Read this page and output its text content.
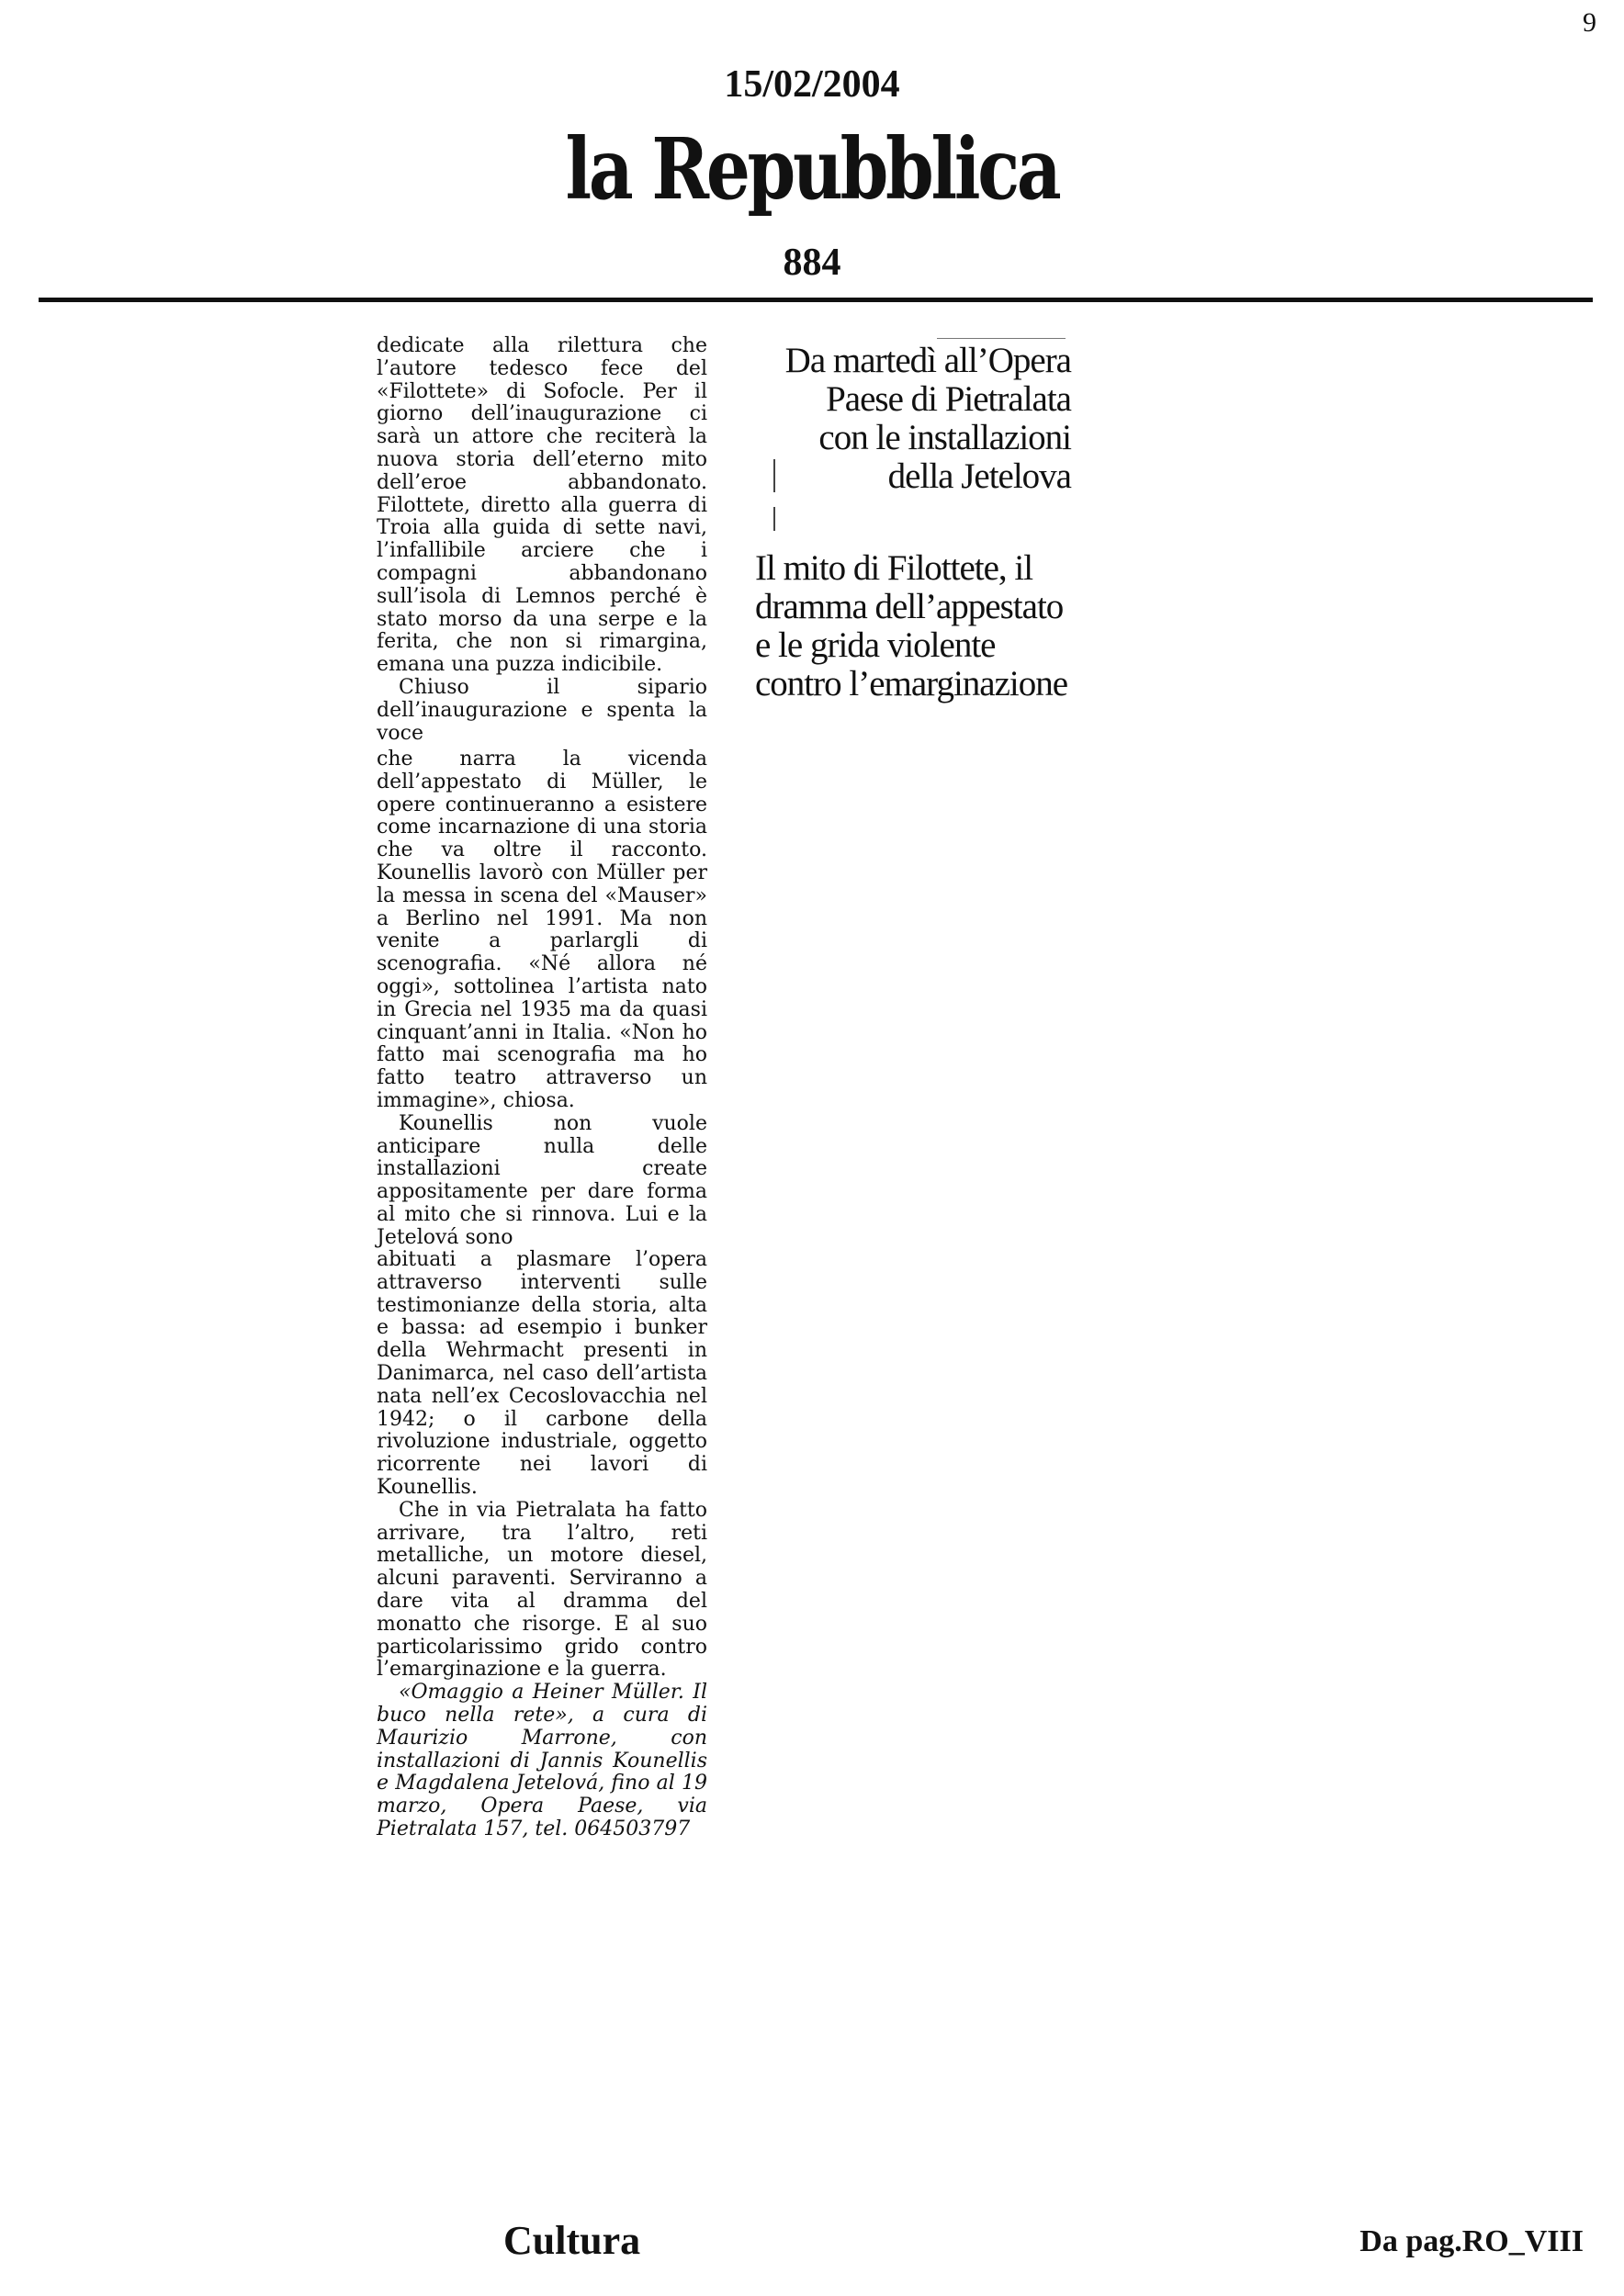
9
15/02/2004
la Repubblica
884

dedicate alla rilettura che l’autore tedesco fece del «Filottete» di Sofocle. Per il giorno dell’inaugurazione ci sarà un attore che reciterà la nuova storia dell’eterno mito dell’eroe abbandonato. Filottete, diretto alla guerra di Troia alla guida di sette navi, l’infallibile arciere che i compagni abbandonano sull’isola di Lemnos perché è stato morso da una serpe e la ferita, che non si rimargina, emana una puzza indicibile.

Chiuso il sipario dell’inaugurazione e spenta la voce

che narra la vicenda dell’appestato di Müller, le opere continueranno a esistere come incarnazione di una storia che va oltre il racconto. Kounellis lavorò con Müller per la messa in scena del «Mauser» a Berlino nel 1991. Ma non venite a parlargli di scenografia. «Né allora né oggi», sottolinea l’artista nato in Grecia nel 1935 ma da quasi cinquant’anni in Italia. «Non ho fatto mai scenografia ma ho fatto teatro attraverso un immagine», chiosa.

Kounellis non vuole anticipare nulla delle installazioni create appositamente per dare forma al mito che si rinnova. Lui e la Jetelová sono

abituati a plasmare l’opera attraverso interventi sulle testimonianze della storia, alta e bassa: ad esempio i bunker della Wehrmacht presenti in Danimarca, nel caso dell’artista nata nell’ex Cecoslovacchia nel 1942; o il carbone della rivoluzione industriale, oggetto ricorrente nei lavori di Kounellis.

Che in via Pietralata ha fatto arrivare, tra l’altro, reti metalliche, un motore diesel, alcuni paraventi. Serviranno a dare vita al dramma del monatto che risorge. E al suo particolarissimo grido contro l’emarginazione e la guerra.

«Omaggio a Heiner Müller. Il buco nella rete», a cura di Maurizio Marrone, con installazioni di Jannis Kounellis e Magdalena Jetelová, fino al 19 marzo, Opera Paese, via Pietralata 157, tel. 064503797

Da martedì all’Opera
Paese di Pietralata
con le installazioni
della Jetelova
Il mito di Filottete, il
dramma dell’appestato
e le grida violente
contro l’emarginazione
Cultura	Da pag.RO_VIII
